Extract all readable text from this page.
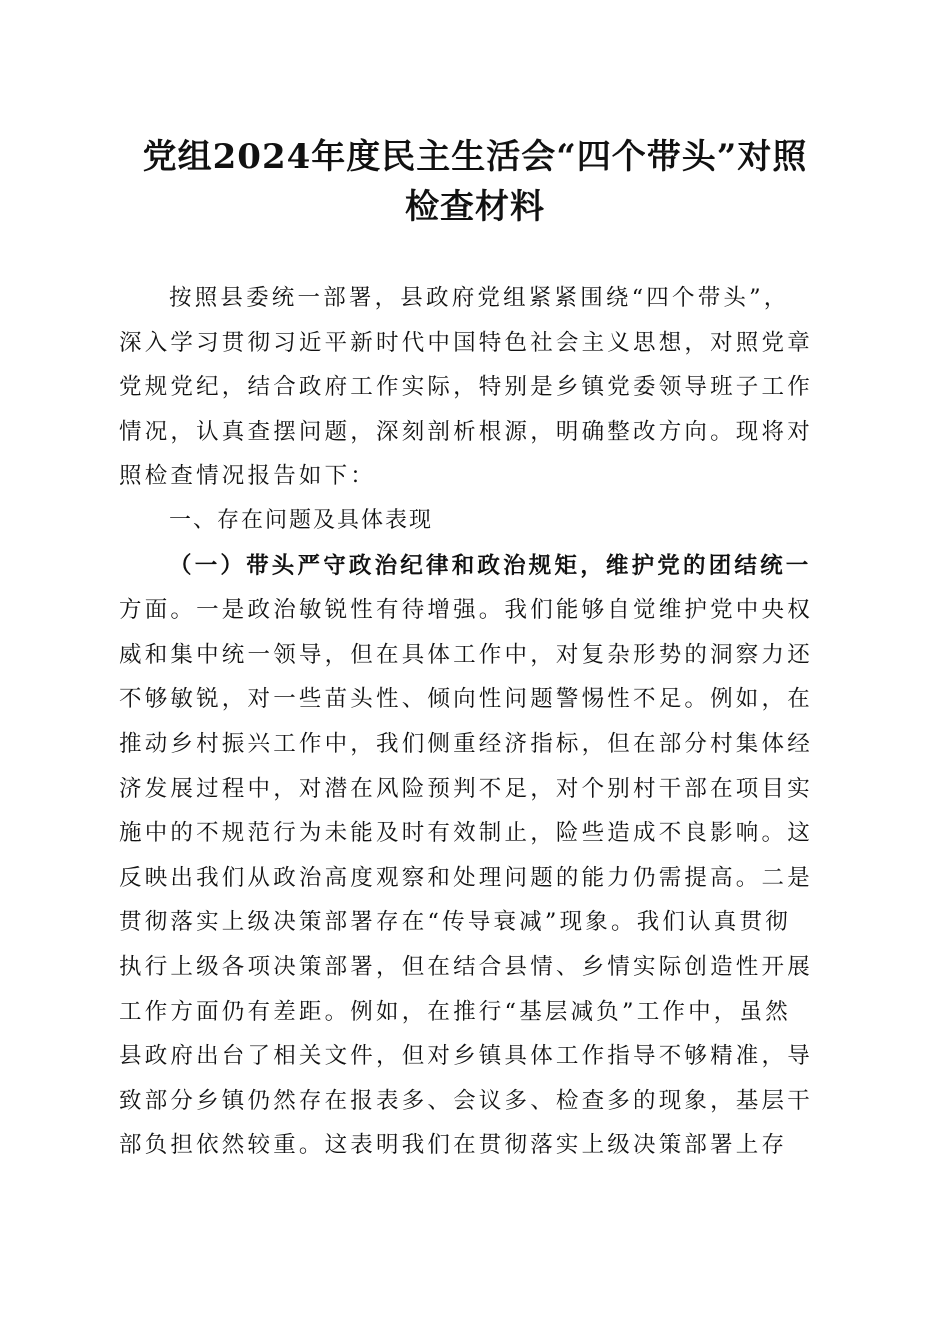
党组2024年度民主生活会“四个带头”对照
检查材料
按照县委统一部署，县政府党组紧紧围绕“四个带头”，
深入学习贯彻习近平新时代中国特色社会主义思想，对照党章
党规党纪，结合政府工作实际，特别是乡镇党委领导班子工作
情况，认真查摆问题，深刻剖析根源，明确整改方向。现将对
照检查情况报告如下：
一、存在问题及具体表现
（一）带头严守政治纪律和政治规矩，维护党的团结统一
方面。一是政治敏锐性有待增强。我们能够自觉维护党中央权
威和集中统一领导，但在具体工作中，对复杂形势的洞察力还
不够敏锐，对一些苗头性、倾向性问题警惕性不足。例如，在
推动乡村振兴工作中，我们侧重经济指标，但在部分村集体经
济发展过程中，对潜在风险预判不足，对个别村干部在项目实
施中的不规范行为未能及时有效制止，险些造成不良影响。这
反映出我们从政治高度观察和处理问题的能力仍需提高。二是
贯彻落实上级决策部署存在“传导衰减”现象。我们认真贯彻
执行上级各项决策部署，但在结合县情、乡情实际创造性开展
工作方面仍有差距。例如，在推行“基层减负”工作中，虽然
县政府出台了相关文件，但对乡镇具体工作指导不够精准，导
致部分乡镇仍然存在报表多、会议多、检查多的现象，基层干
部负担依然较重。这表明我们在贯彻落实上级决策部署上存
